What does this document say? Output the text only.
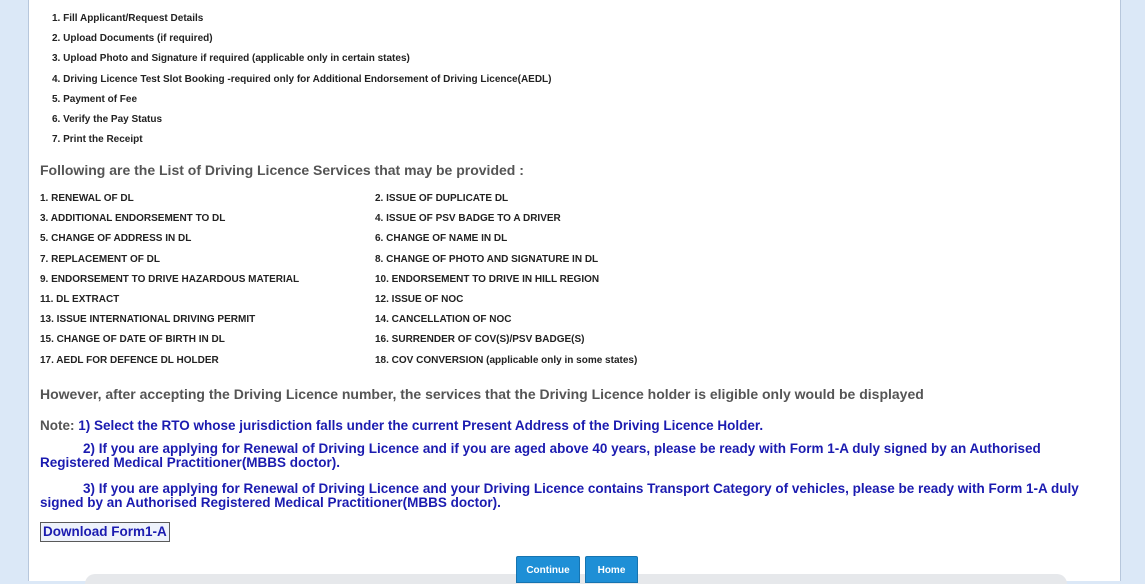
1. Fill Applicant/Request Details
2. Upload Documents (if required)
3. Upload Photo and Signature if required (applicable only in certain states)
4. Driving Licence Test Slot Booking -required only for Additional Endorsement of Driving Licence(AEDL)
5. Payment of Fee
6. Verify the Pay Status
7. Print the Receipt
Following are the List of Driving Licence Services that may be provided :
1. RENEWAL OF DL	2. ISSUE OF DUPLICATE DL
3. ADDITIONAL ENDORSEMENT TO DL	4. ISSUE OF PSV BADGE TO A DRIVER
5. CHANGE OF ADDRESS IN DL	6. CHANGE OF NAME IN DL
7. REPLACEMENT OF DL	8. CHANGE OF PHOTO AND SIGNATURE IN DL
9. ENDORSEMENT TO DRIVE HAZARDOUS MATERIAL	10. ENDORSEMENT TO DRIVE IN HILL REGION
11. DL EXTRACT	12. ISSUE OF NOC
13. ISSUE INTERNATIONAL DRIVING PERMIT	14. CANCELLATION OF NOC
15. CHANGE OF DATE OF BIRTH IN DL	16. SURRENDER OF COV(S)/PSV BADGE(S)
17. AEDL FOR DEFENCE DL HOLDER	18. COV CONVERSION (applicable only in some states)
However, after accepting the Driving Licence number, the services that the Driving Licence holder is eligible only would be displayed
Note: 1) Select the RTO whose jurisdiction falls under the current Present Address of the Driving Licence Holder.

2) If you are applying for Renewal of Driving Licence and if you are aged above 40 years, please be ready with Form 1-A duly signed by an Authorised Registered Medical Practitioner(MBBS doctor).

3) If you are applying for Renewal of Driving Licence and your Driving Licence contains Transport Category of vehicles, please be ready with Form 1-A duly signed by an Authorised Registered Medical Practitioner(MBBS doctor).

Download Form1-A
Continue	Home
